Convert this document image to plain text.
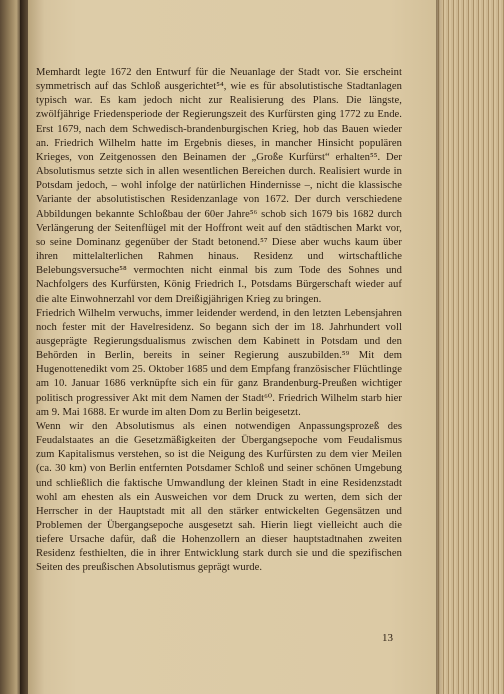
Memhardt legte 1672 den Entwurf für die Neuanlage der Stadt vor. Sie erscheint symmetrisch auf das Schloß ausgerichtet⁵⁴, wie es für absolutistische Stadtanlagen typisch war. Es kam jedoch nicht zur Realisierung des Plans. Die längste, zwölfjährige Friedensperiode der Regierungszeit des Kurfürsten ging 1772 zu Ende. Erst 1679, nach dem Schwedisch-brandenburgischen Krieg, hob das Bauen wieder an. Friedrich Wilhelm hatte im Ergebnis dieses, in mancher Hinsicht populären Krieges, von Zeitgenossen den Beinamen der „Große Kurfürst“ erhalten⁵⁵. Der Absolutismus setzte sich in allen wesentlichen Bereichen durch. Realisiert wurde in Potsdam jedoch, – wohl infolge der natürlichen Hindernisse –, nicht die klassische Variante der absolutistischen Residenzanlage von 1672. Der durch verschiedene Abbildungen bekannte Schloßbau der 60er Jahre⁵⁶ schob sich 1679 bis 1682 durch Verlängerung der Seitenflügel mit der Hoffront weit auf den städtischen Markt vor, so seine Dominanz gegenüber der Stadt betonend.⁵⁷ Diese aber wuchs kaum über ihren mittelalterlichen Rahmen hinaus. Residenz und wirtschaftliche Belebungsversuche⁵⁸ vermochten nicht einmal bis zum Tode des Sohnes und Nachfolgers des Kurfürsten, König Friedrich I., Potsdams Bürgerschaft wieder auf die alte Einwohnerzahl vor dem Dreißigjährigen Krieg zu bringen.

Friedrich Wilhelm verwuchs, immer leidender werdend, in den letzten Lebensjahren noch fester mit der Havelresidenz. So begann sich der im 18. Jahrhundert voll ausgeprägte Regierungsdualismus zwischen dem Kabinett in Potsdam und den Behörden in Berlin, bereits in seiner Regierung auszubilden.⁵⁹ Mit dem Hugenottenedikt vom 25. Oktober 1685 und dem Empfang französischer Flüchtlinge am 10. Januar 1686 verknüpfte sich ein für ganz Brandenburg-Preußen wichtiger politisch progressiver Akt mit dem Namen der Stadt⁶⁰. Friedrich Wilhelm starb hier am 9. Mai 1688. Er wurde im alten Dom zu Berlin beigesetzt.

Wenn wir den Absolutismus als einen notwendigen Anpassungsprozeß des Feudalstaates an die Gesetzmäßigkeiten der Übergangsepoche vom Feudalismus zum Kapitalismus verstehen, so ist die Neigung des Kurfürsten zu dem vier Meilen (ca. 30 km) von Berlin entfernten Potsdamer Schloß und seiner schönen Umgebung und schließlich die faktische Umwandlung der kleinen Stadt in eine Residenzstadt wohl am ehesten als ein Ausweichen vor dem Druck zu werten, dem sich der Herrscher in der Hauptstadt mit all den stärker entwickelten Gegensätzen und Problemen der Übergangsepoche ausgesetzt sah. Hierin liegt vielleicht auch die tiefere Ursache dafür, daß die Hohenzollern an dieser hauptstadtnahen zweiten Residenz festhielten, die in ihrer Entwicklung stark durch sie und die spezifischen Seiten des preußischen Absolutismus geprägt wurde.

13
